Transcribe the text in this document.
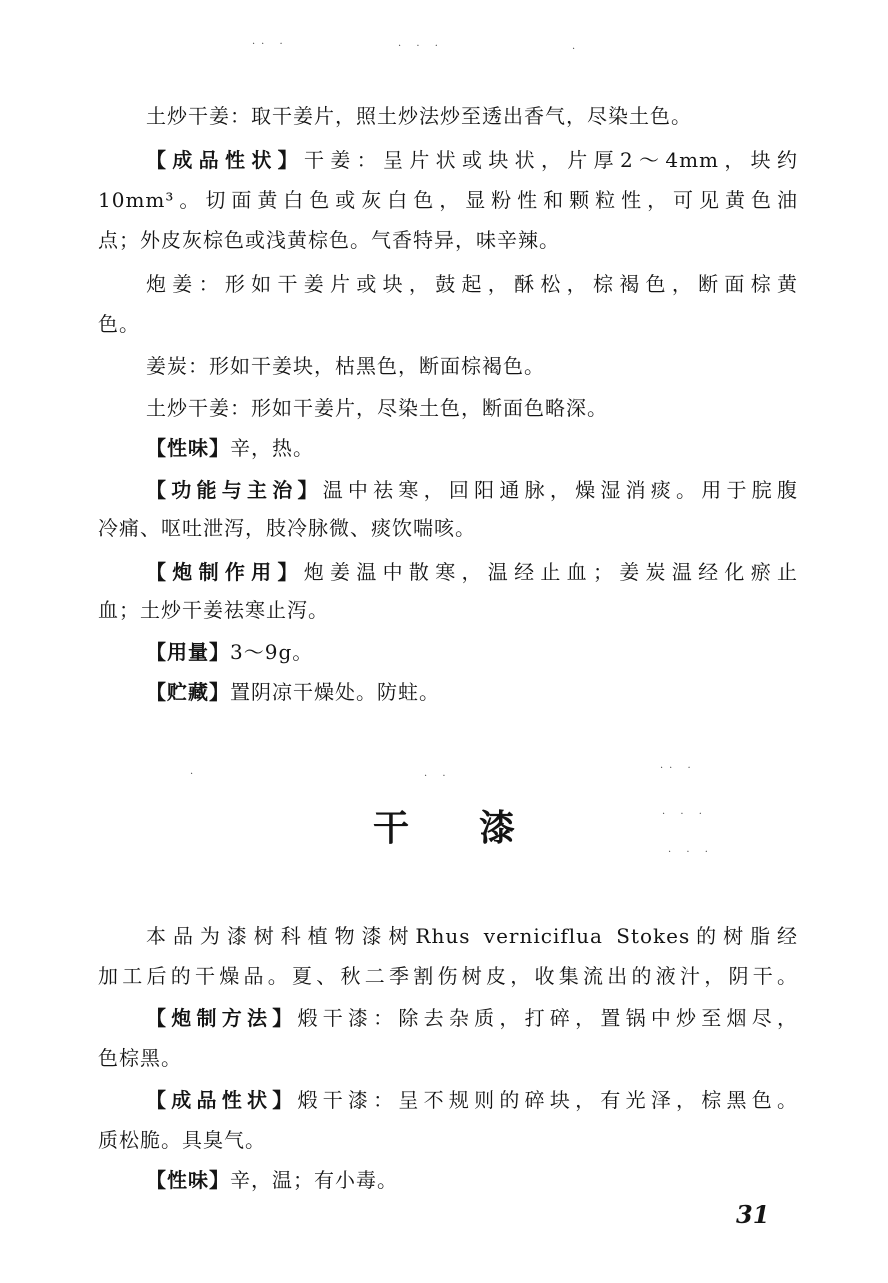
·· ·	· · ·	·
土炒干姜：取干姜片，照土炒法炒至透出香气，尽染土色。
【成品性状】干姜：呈片状或块状，片厚2～4mm，块约
10mm³。切面黄白色或灰白色，显粉性和颗粒性，可见黄色油
点；外皮灰棕色或浅黄棕色。气香特异，味辛辣。
炮姜：形如干姜片或块，鼓起，酥松，棕褐色，断面棕黄
色。
姜炭：形如干姜块，枯黑色，断面棕褐色。
土炒干姜：形如干姜片，尽染土色，断面色略深。
【性味】辛，热。
【功能与主治】温中祛寒，回阳通脉，燥湿消痰。用于脘腹
冷痛、呕吐泄泻，肢冷脉微、痰饮喘咳。
【炮制作用】炮姜温中散寒，温经止血；姜炭温经化瘀止
血；土炒干姜祛寒止泻。
【用量】3～9g。
【贮藏】置阴凉干燥处。防蛀。
·	· ·
·· ·
· · ·
· · ·
干漆
本品为漆树科植物漆树Rhus verniciflua Stokes的树脂经
加工后的干燥品。夏、秋二季割伤树皮，收集流出的液汁，阴干。
【炮制方法】煅干漆：除去杂质，打碎，置锅中炒至烟尽，
色棕黑。
【成品性状】煅干漆：呈不规则的碎块，有光泽，棕黑色。
质松脆。具臭气。
【性味】辛，温；有小毒。
31
